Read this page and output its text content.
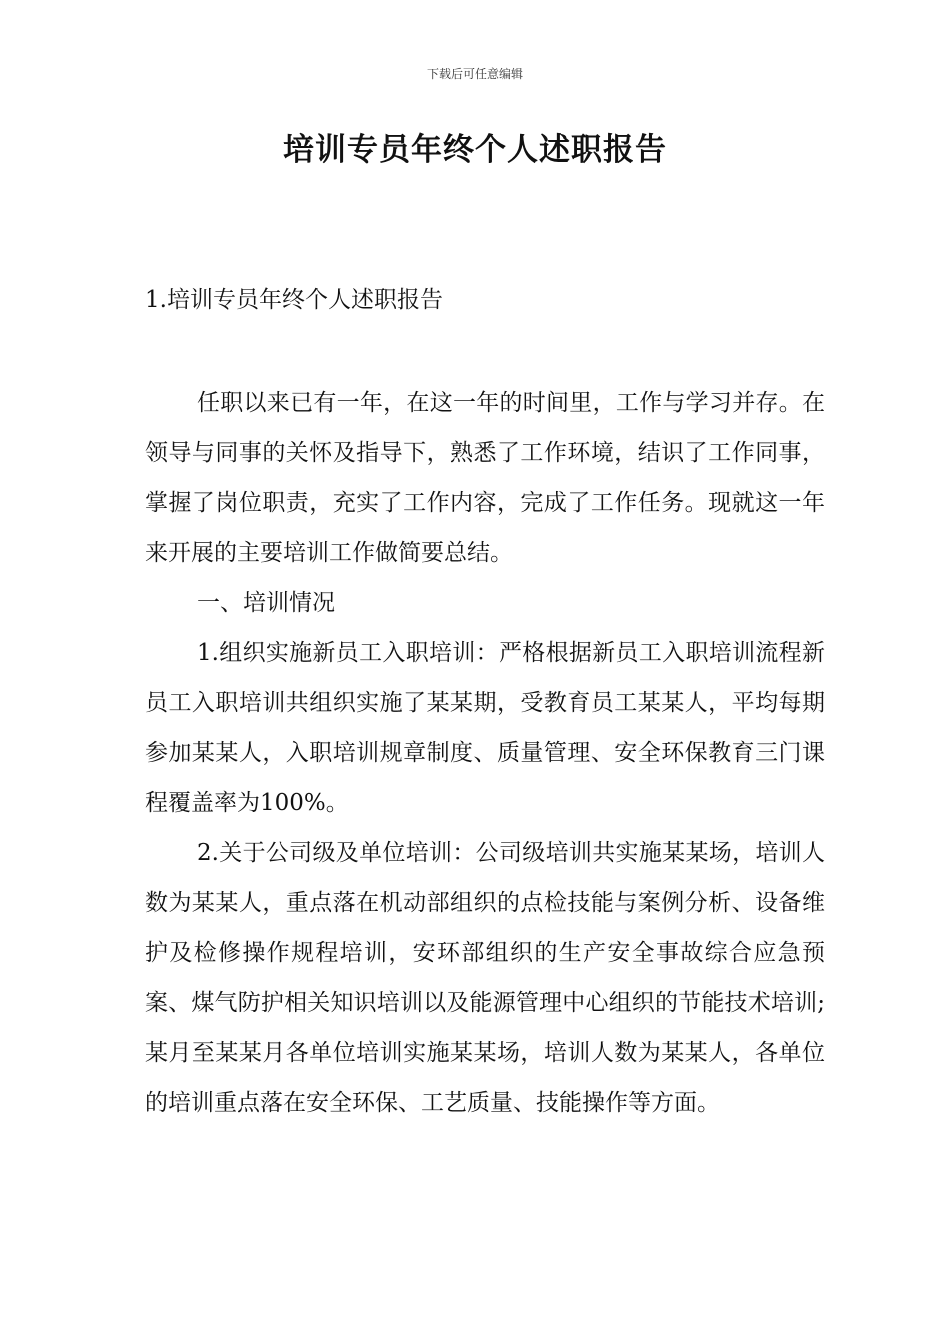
下载后可任意编辑
培训专员年终个人述职报告
1.培训专员年终个人述职报告

任职以来已有一年，在这一年的时间里，工作与学习并存。在领导与同事的关怀及指导下，熟悉了工作环境，结识了工作同事，掌握了岗位职责，充实了工作内容，完成了工作任务。现就这一年来开展的主要培训工作做简要总结。

一、培训情况

1.组织实施新员工入职培训：严格根据新员工入职培训流程新员工入职培训共组织实施了某某期，受教育员工某某人，平均每期参加某某人，入职培训规章制度、质量管理、安全环保教育三门课程覆盖率为100%。

2.关于公司级及单位培训：公司级培训共实施某某场，培训人数为某某人，重点落在机动部组织的点检技能与案例分析、设备维护及检修操作规程培训，安环部组织的生产安全事故综合应急预案、煤气防护相关知识培训以及能源管理中心组织的节能技术培训;某月至某某月各单位培训实施某某场，培训人数为某某人，各单位的培训重点落在安全环保、工艺质量、技能操作等方面。
